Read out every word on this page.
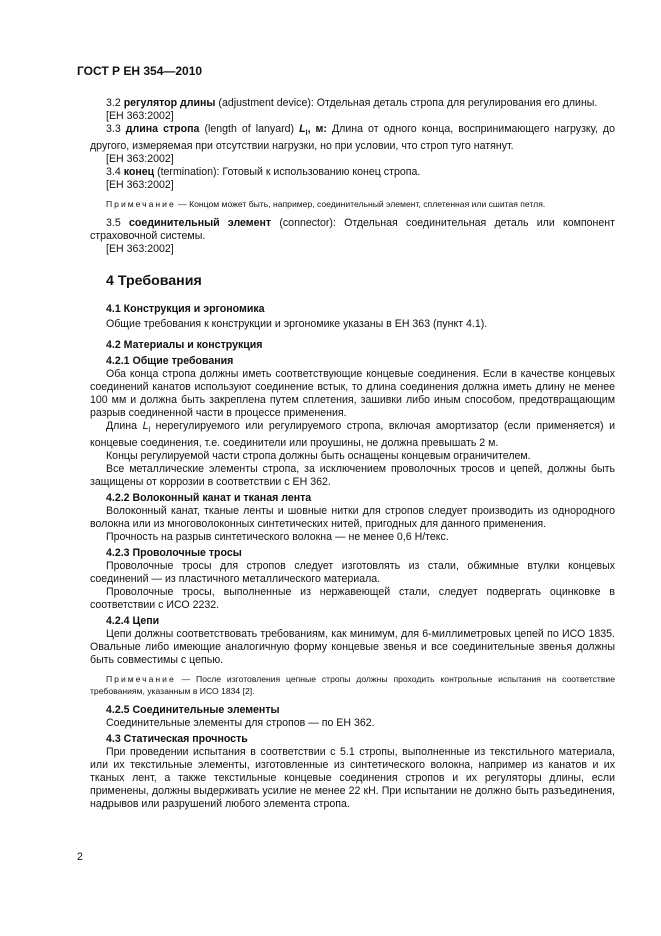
ГОСТ Р ЕН 354—2010

3.2 регулятор длины (adjustment device): Отдельная деталь стропа для регулирования его длины.

[ЕН 363:2002]

3.3 длина стропа (length of lanyard) $L_l$, м: Длина от одного конца, воспринимающего нагрузку, до другого, измеряемая при отсутствии нагрузки, но при условии, что строп туго натянут.

[ЕН 363:2002]

3.4 конец (termination): Готовый к использованию конец стропа.

[ЕН 363:2002]

Примечание — Концом может быть, например, соединительный элемент, сплетенная или сшитая петля.

3.5 соединительный элемент (connector): Отдельная соединительная деталь или компонент страховочной системы.

[ЕН 363:2002]

4 Требования
4.1 Конструкция и эргономика

Общие требования к конструкции и эргономике указаны в ЕН 363 (пункт 4.1).

4.2 Материалы и конструкция
4.2.1 Общие требования

Оба конца стропа должны иметь соответствующие концевые соединения. Если в качестве концевых соединений канатов используют соединение встык, то длина соединения должна иметь длину не менее 100 мм и должна быть закреплена путем сплетения, зашивки либо иным способом, предотвращающим разрыв соединенной части в процессе применения.

Длина $L_l$ нерегулируемого или регулируемого стропа, включая амортизатор (если применяется) и концевые соединения, т.е. соединители или проушины, не должна превышать 2 м.

Концы регулируемой части стропа должны быть оснащены концевым ограничителем.

Все металлические элементы стропа, за исключением проволочных тросов и цепей, должны быть защищены от коррозии в соответствии с ЕН 362.

4.2.2 Волоконный канат и тканая лента

Волоконный канат, тканые ленты и шовные нитки для стропов следует производить из однородного волокна или из многоволоконных синтетических нитей, пригодных для данного применения.

Прочность на разрыв синтетического волокна — не менее 0,6 Н/текс.

4.2.3 Проволочные тросы

Проволочные тросы для стропов следует изготовлять из стали, обжимные втулки концевых соединений — из пластичного металлического материала.

Проволочные тросы, выполненные из нержавеющей стали, следует подвергать оцинковке в соответствии с ИСО 2232.

4.2.4 Цепи

Цепи должны соответствовать требованиям, как минимум, для 6-миллиметровых цепей по ИСО 1835. Овальные либо имеющие аналогичную форму концевые звенья и все соединительные звенья должны быть совместимы с цепью.

Примечание — После изготовления цепные стропы должны проходить контрольные испытания на соответствие требованиям, указанным в ИСО 1834 [2].

4.2.5 Соединительные элементы

Соединительные элементы для стропов — по ЕН 362.

4.3 Статическая прочность

При проведении испытания в соответствии с 5.1 стропы, выполненные из текстильного материала, или их текстильные элементы, изготовленные из синтетического волокна, например из канатов и их тканых лент, а также текстильные концевые соединения стропов и их регуляторы длины, если применены, должны выдерживать усилие не менее 22 кН. При испытании не должно быть разъединения, надрывов или разрушений любого элемента стропа.

2
